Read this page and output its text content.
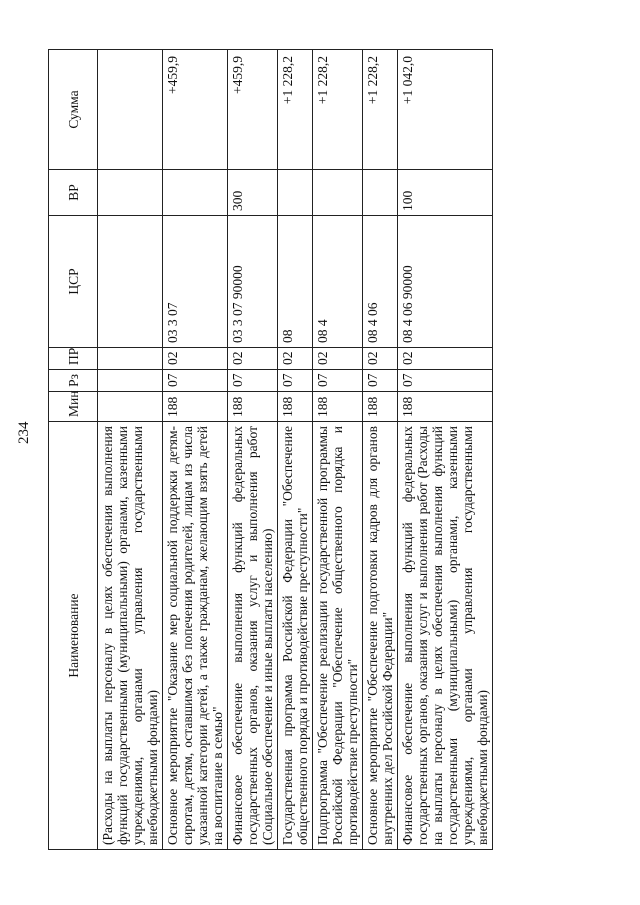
234
Наименование	Мин	Рз	ПР	ЦСР	ВР	Сумма
(Расходы на выплаты персоналу в целях обеспечения выполнения функций государственными (муниципальными) органами, казенными учреждениями, органами управления государственными внебюджетными фондами)						
Основное мероприятие "Оказание мер социальной поддержки детям-сиротам, детям, оставшимся без попечения родителей, лицам из числа указанной категории детей, а также гражданам, желающим взять детей на воспитание в семью"	188	07	02	03 3 07		+459,9
Финансовое обеспечение выполнения функций федеральных государственных органов, оказания услуг и выполнения работ (Социальное обеспечение и иные выплаты населению)	188	07	02	03 3 07 90000	300	+459,9
Государственная программа Российской Федерации "Обеспечение общественного порядка и противодействие преступности"	188	07	02	08		+1 228,2
Подпрограмма "Обеспечение реализации государственной программы Российской Федерации "Обеспечение общественного порядка и противодействие преступности"	188	07	02	08 4		+1 228,2
Основное мероприятие "Обеспечение подготовки кадров для органов внутренних дел Российской Федерации"	188	07	02	08 4 06		+1 228,2
Финансовое обеспечение выполнения функций федеральных государственных органов, оказания услуг и выполнения работ (Расходы на выплаты персоналу в целях обеспечения выполнения функций государственными (муниципальными) органами, казенными учреждениями, органами управления государственными внебюджетными фондами)	188	07	02	08 4 06 90000	100	+1 042,0
